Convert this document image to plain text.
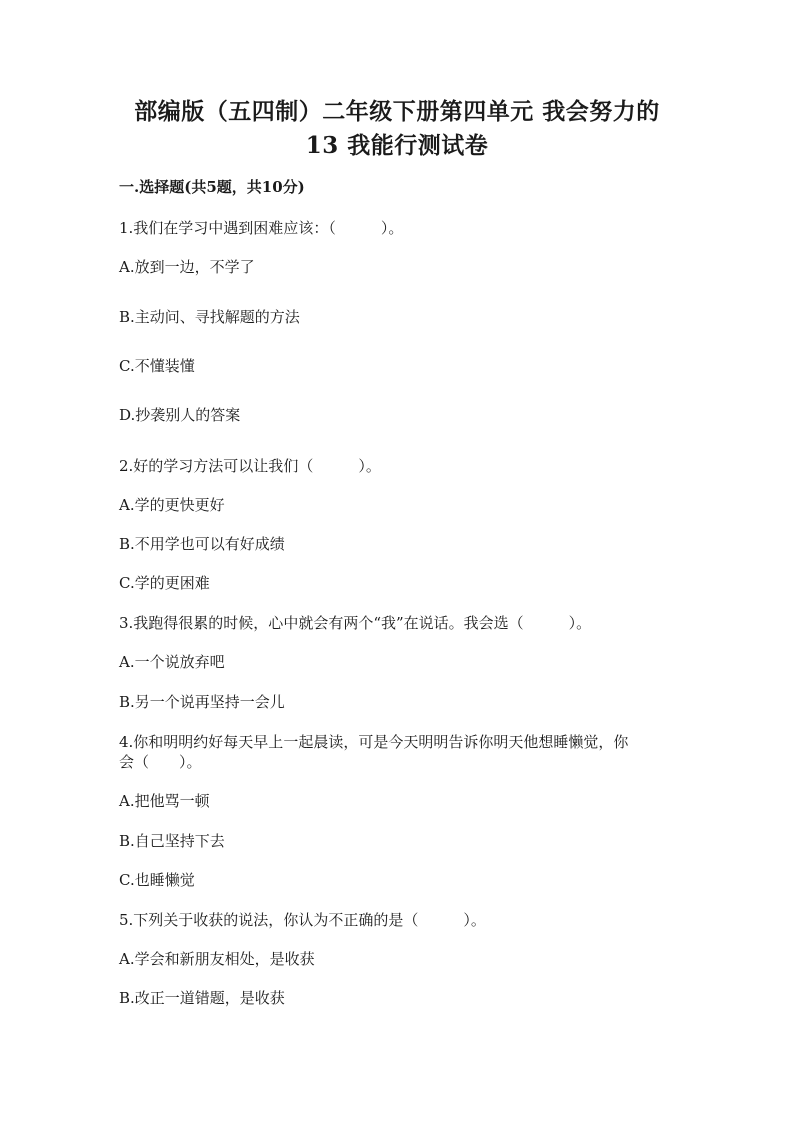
部编版（五四制）二年级下册第四单元 我会努力的
13 我能行测试卷
一.选择题(共5题，共10分)
1.我们在学习中遇到困难应该：（　　　）。
A.放到一边，不学了
B.主动问、寻找解题的方法
C.不懂装懂
D.抄袭别人的答案
2.好的学习方法可以让我们（　　　）。
A.学的更快更好
B.不用学也可以有好成绩
C.学的更困难
3.我跑得很累的时候，心中就会有两个“我”在说话。我会选（　　　）。
A.一个说放弃吧
B.另一个说再坚持一会儿
4.你和明明约好每天早上一起晨读，可是今天明明告诉你明天他想睡懒觉，你
会（　　）。
A.把他骂一顿
B.自己坚持下去
C.也睡懒觉
5.下列关于收获的说法，你认为不正确的是（　　　）。
A.学会和新朋友相处，是收获
B.改正一道错题，是收获
